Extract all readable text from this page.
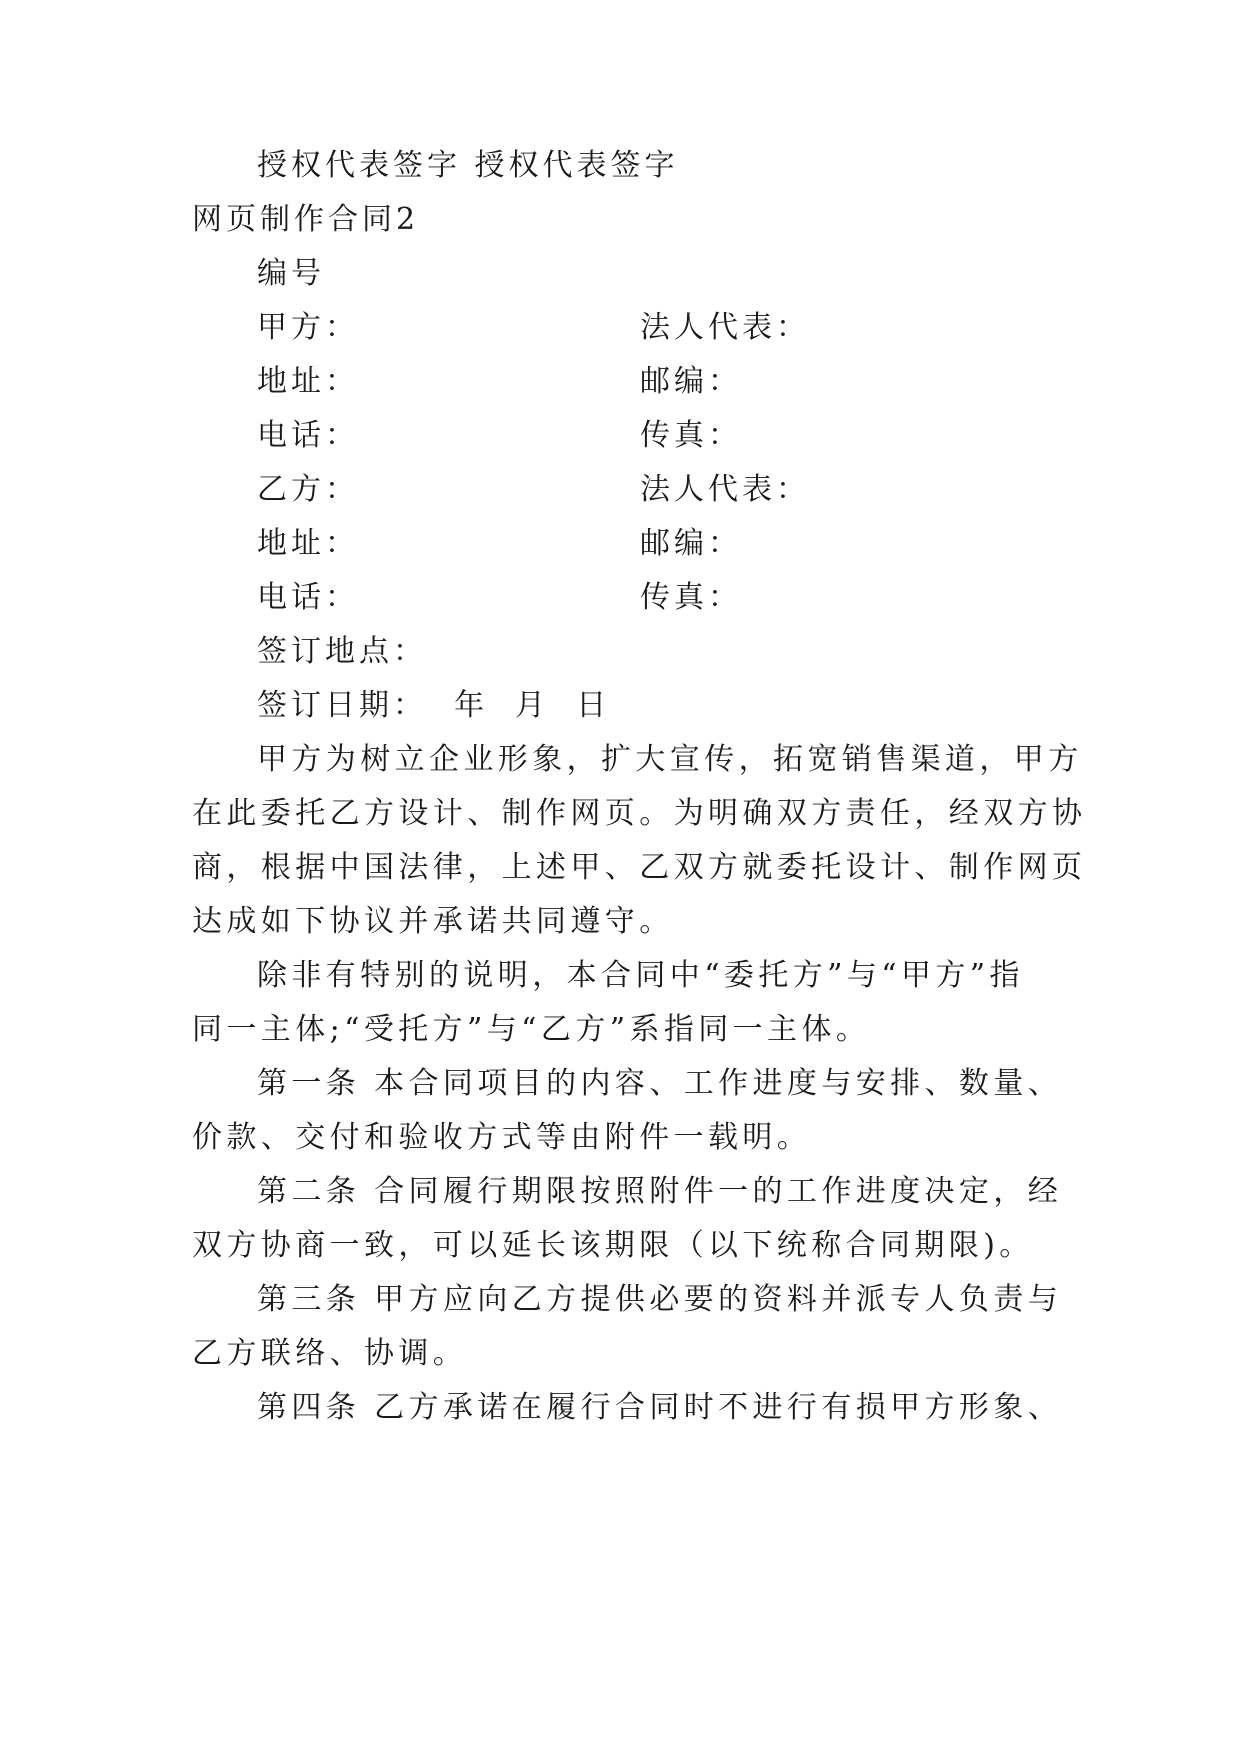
授权代表签字 授权代表签字
网页制作合同2
编号
甲方：	法人代表：
地址：	邮编：
电话：	传真：
乙方：	法人代表：
地址：	邮编：
电话：	传真：
签订地点：
签订日期：  年  月  日
甲方为树立企业形象，扩大宣传，拓宽销售渠道，甲方
在此委托乙方设计、制作网页。为明确双方责任，经双方协
商，根据中国法律，上述甲、乙双方就委托设计、制作网页
达成如下协议并承诺共同遵守。
除非有特别的说明，本合同中“委托方”与“甲方”指
同一主体;“受托方”与“乙方”系指同一主体。
第一条 本合同项目的内容、工作进度与安排、数量、
价款、交付和验收方式等由附件一载明。
第二条 合同履行期限按照附件一的工作进度决定，经
双方协商一致，可以延长该期限（以下统称合同期限)。
第三条 甲方应向乙方提供必要的资料并派专人负责与
乙方联络、协调。
第四条 乙方承诺在履行合同时不进行有损甲方形象、
